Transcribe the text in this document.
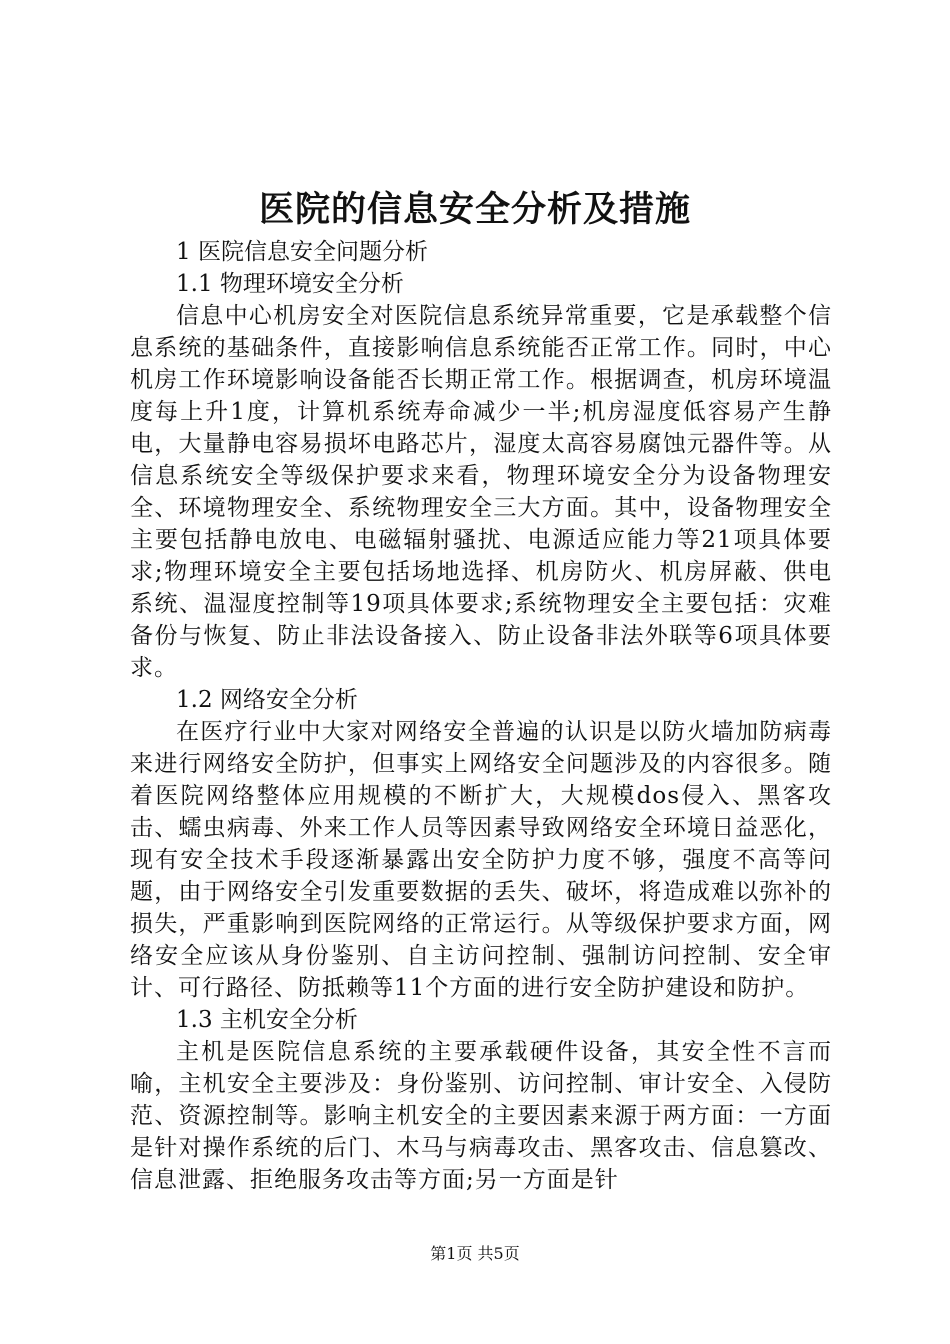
医院的信息安全分析及措施

1 医院信息安全问题分析

1.1 物理环境安全分析

信息中心机房安全对医院信息系统异常重要，它是承载整个信息系统的基础条件，直接影响信息系统能否正常工作。同时，中心机房工作环境影响设备能否长期正常工作。根据调查，机房环境温度每上升1度，计算机系统寿命减少一半;机房湿度低容易产生静电，大量静电容易损坏电路芯片，湿度太高容易腐蚀元器件等。从信息系统安全等级保护要求来看，物理环境安全分为设备物理安全、环境物理安全、系统物理安全三大方面。其中，设备物理安全主要包括静电放电、电磁辐射骚扰、电源适应能力等21项具体要求;物理环境安全主要包括场地选择、机房防火、机房屏蔽、供电系统、温湿度控制等19项具体要求;系统物理安全主要包括：灾难备份与恢复、防止非法设备接入、防止设备非法外联等6项具体要求。

1.2 网络安全分析

在医疗行业中大家对网络安全普遍的认识是以防火墙加防病毒来进行网络安全防护，但事实上网络安全问题涉及的内容很多。随着医院网络整体应用规模的不断扩大，大规模dos侵入、黑客攻击、蠕虫病毒、外来工作人员等因素导致网络安全环境日益恶化，现有安全技术手段逐渐暴露出安全防护力度不够，强度不高等问题，由于网络安全引发重要数据的丢失、破坏，将造成难以弥补的损失，严重影响到医院网络的正常运行。从等级保护要求方面，网络安全应该从身份鉴别、自主访问控制、强制访问控制、安全审计、可行路径、防抵赖等11个方面的进行安全防护建设和防护。

1.3 主机安全分析

主机是医院信息系统的主要承载硬件设备，其安全性不言而喻，主机安全主要涉及：身份鉴别、访问控制、审计安全、入侵防范、资源控制等。影响主机安全的主要因素来源于两方面：一方面是针对操作系统的后门、木马与病毒攻击、黑客攻击、信息篡改、信息泄露、拒绝服务攻击等方面;另一方面是针

第1页 共5页
